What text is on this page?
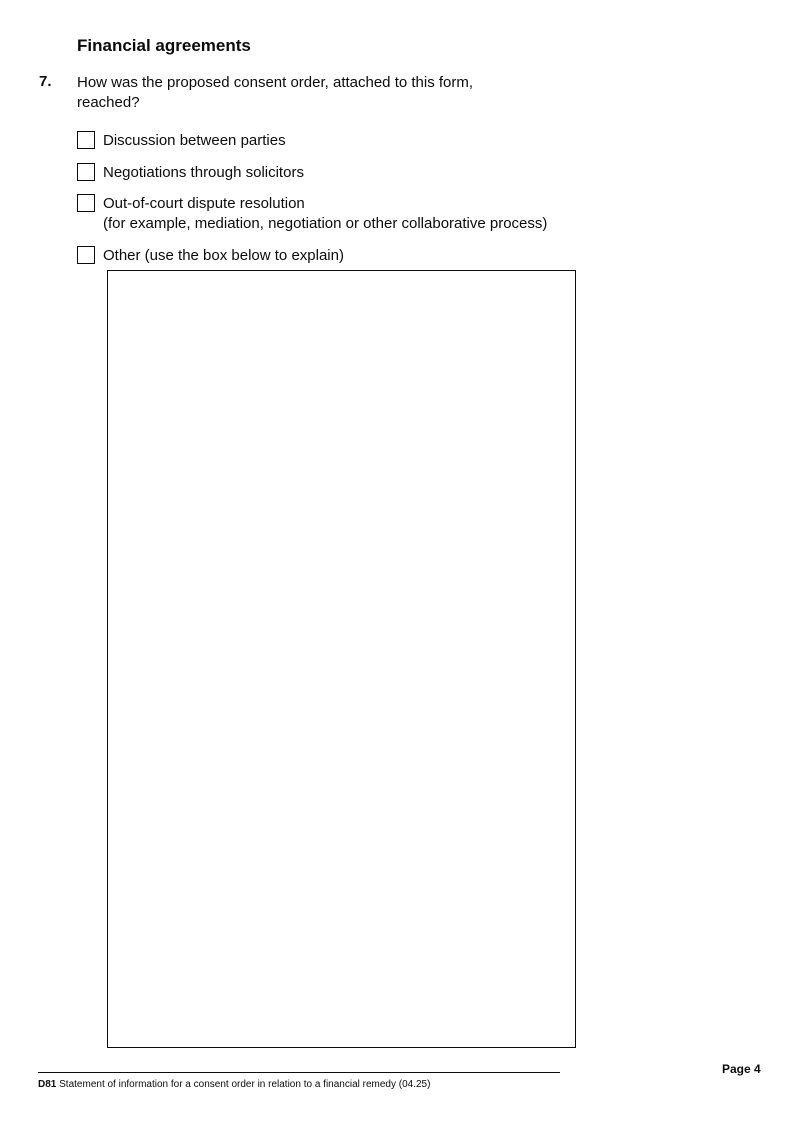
Financial agreements
7. How was the proposed consent order, attached to this form, reached?
Discussion between parties
Negotiations through solicitors
Out-of-court dispute resolution
(for example, mediation, negotiation or other collaborative process)
Other (use the box below to explain)
Page 4
D81 Statement of information for a consent order in relation to a financial remedy (04.25)
